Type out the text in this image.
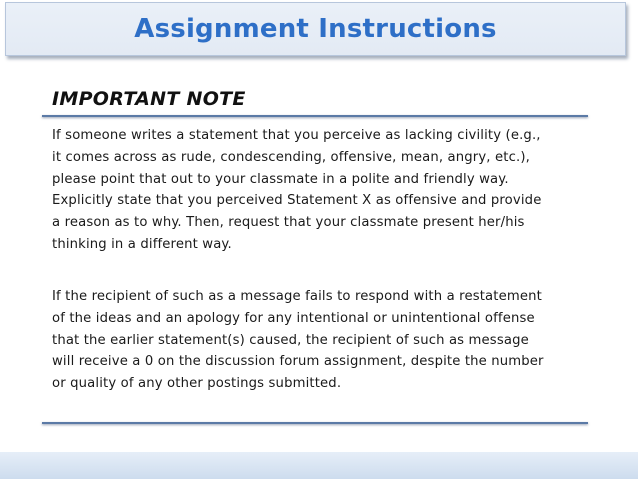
Assignment Instructions
IMPORTANT NOTE

If someone writes a statement that you perceive as lacking civility (e.g.,
it comes across as rude, condescending, offensive, mean, angry, etc.),
please point that out to your classmate in a polite and friendly way.
Explicitly state that you perceived Statement X as offensive and provide
a reason as to why. Then, request that your classmate present her/his
thinking in a different way.

If the recipient of such as a message fails to respond with a restatement
of the ideas and an apology for any intentional or unintentional offense
that the earlier statement(s) caused, the recipient of such as message
will receive a 0 on the discussion forum assignment, despite the number
or quality of any other postings submitted.
